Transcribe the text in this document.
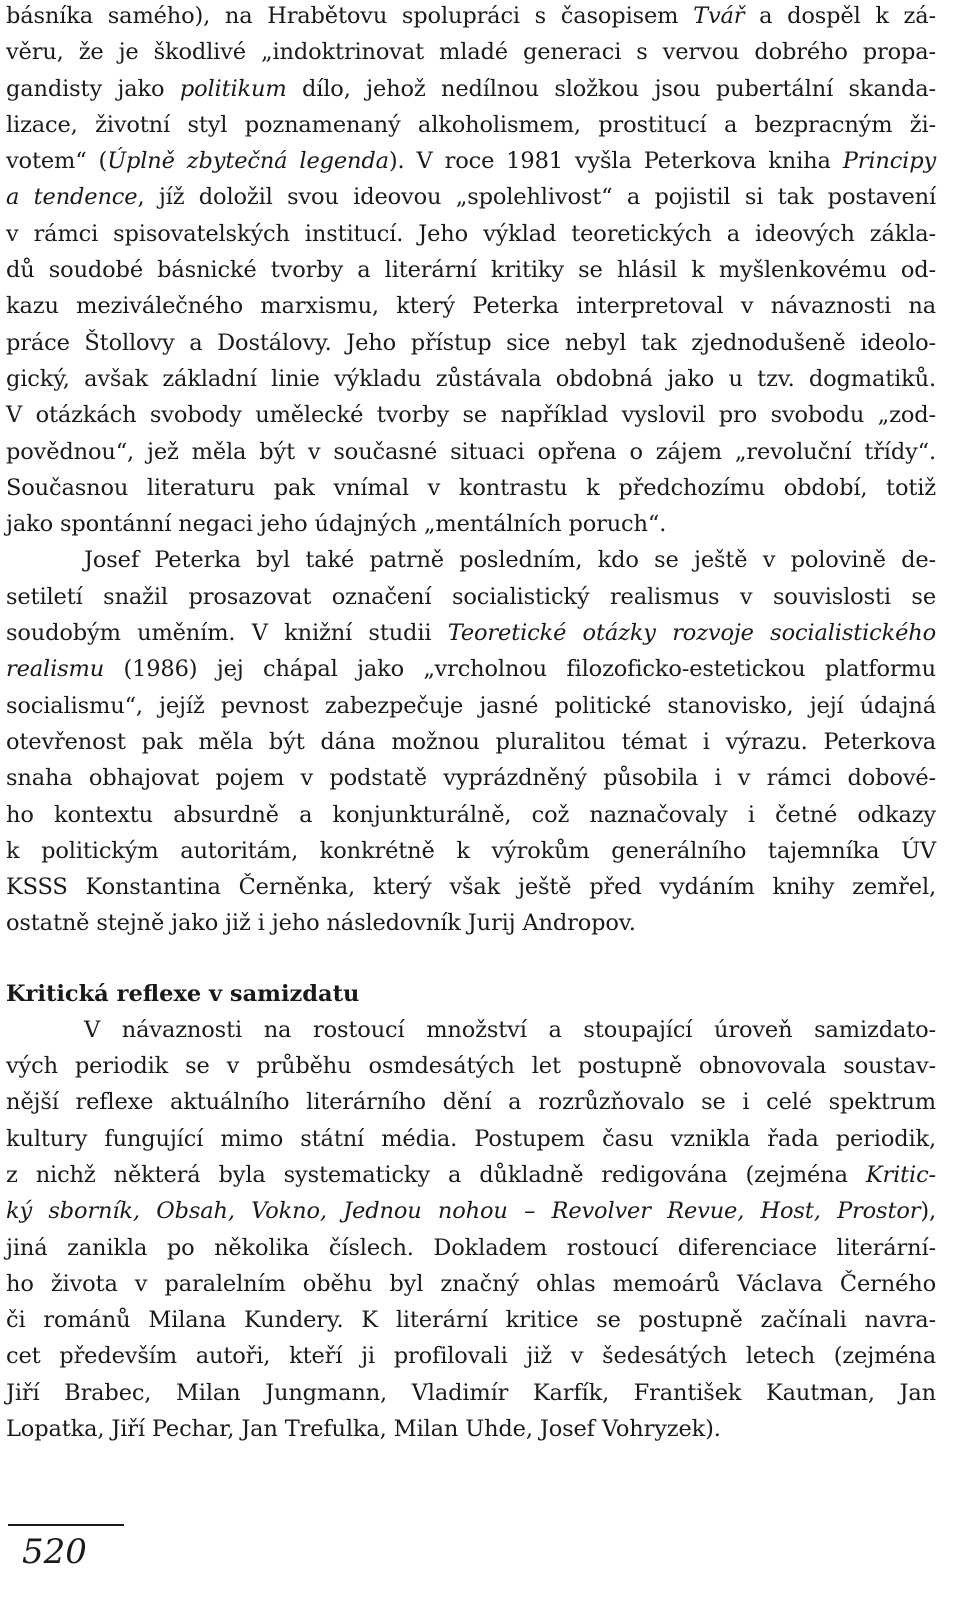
básníka samého), na Hrabětovu spolupráci s časopisem Tvář a dospěl k zá-
věru, že je škodlivé „indoktrinovat mladé generaci s vervou dobrého propa-
gandisty jako politikum dílo, jehož nedílnou složkou jsou pubertální skanda-
lizace, životní styl poznamenaný alkoholismem, prostitucí a bezpracným ži-
votem“ (Úplně zbytečná legenda). V roce 1981 vyšla Peterkova kniha Principy
a tendence, jíž doložil svou ideovou „spolehlivost“ a pojistil si tak postavení
v rámci spisovatelských institucí. Jeho výklad teoretických a ideových zákla-
dů soudobé básnické tvorby a literární kritiky se hlásil k myšlenkovému od-
kazu meziválečného marxismu, který Peterka interpretoval v návaznosti na
práce Štollovy a Dostálovy. Jeho přístup sice nebyl tak zjednodušeně ideolo-
gický, avšak základní linie výkladu zůstávala obdobná jako u tzv. dogmatiků.
V otázkách svobody umělecké tvorby se například vyslovil pro svobodu „zod-
povědnou“, jež měla být v současné situaci opřena o zájem „revoluční třídy“.
Současnou literaturu pak vnímal v kontrastu k předchozímu období, totiž
jako spontánní negaci jeho údajných „mentálních poruch“.
Josef Peterka byl také patrně posledním, kdo se ještě v polovině de-
setiletí snažil prosazovat označení socialistický realismus v souvislosti se
soudobým uměním. V knižní studii Teoretické otázky rozvoje socialistického
realismu (1986) jej chápal jako „vrcholnou filozoficko-estetickou platformu
socialismu“, jejíž pevnost zabezpečuje jasné politické stanovisko, její údajná
otevřenost pak měla být dána možnou pluralitou témat i výrazu. Peterkova
snaha obhajovat pojem v podstatě vyprázdněný působila i v rámci dobové-
ho kontextu absurdně a konjunkturálně, což naznačovaly i četné odkazy
k politickým autoritám, konkrétně k výrokům generálního tajemníka ÚV
KSSS Konstantina Černěnka, který však ještě před vydáním knihy zemřel,
ostatně stejně jako již i jeho následovník Jurij Andropov.
Kritická reflexe v samizdatu
V návaznosti na rostoucí množství a stoupající úroveň samizdato-
vých periodik se v průběhu osmdesátých let postupně obnovovala soustav-
nější reflexe aktuálního literárního dění a rozrůzňovalo se i celé spektrum
kultury fungující mimo státní média. Postupem času vznikla řada periodik,
z nichž některá byla systematicky a důkladně redigována (zejména Kritic-
ký sborník, Obsah, Vokno, Jednou nohou – Revolver Revue, Host, Prostor),
jiná zanikla po několika číslech. Dokladem rostoucí diferenciace literární-
ho života v paralelním oběhu byl značný ohlas memoárů Václava Černého
či románů Milana Kundery. K literární kritice se postupně začínali navra-
cet především autoři, kteří ji profilovali již v šedesátých letech (zejména
Jiří Brabec, Milan Jungmann, Vladimír Karfík, František Kautman, Jan
Lopatka, Jiří Pechar, Jan Trefulka, Milan Uhde, Josef Vohryzek).
520
